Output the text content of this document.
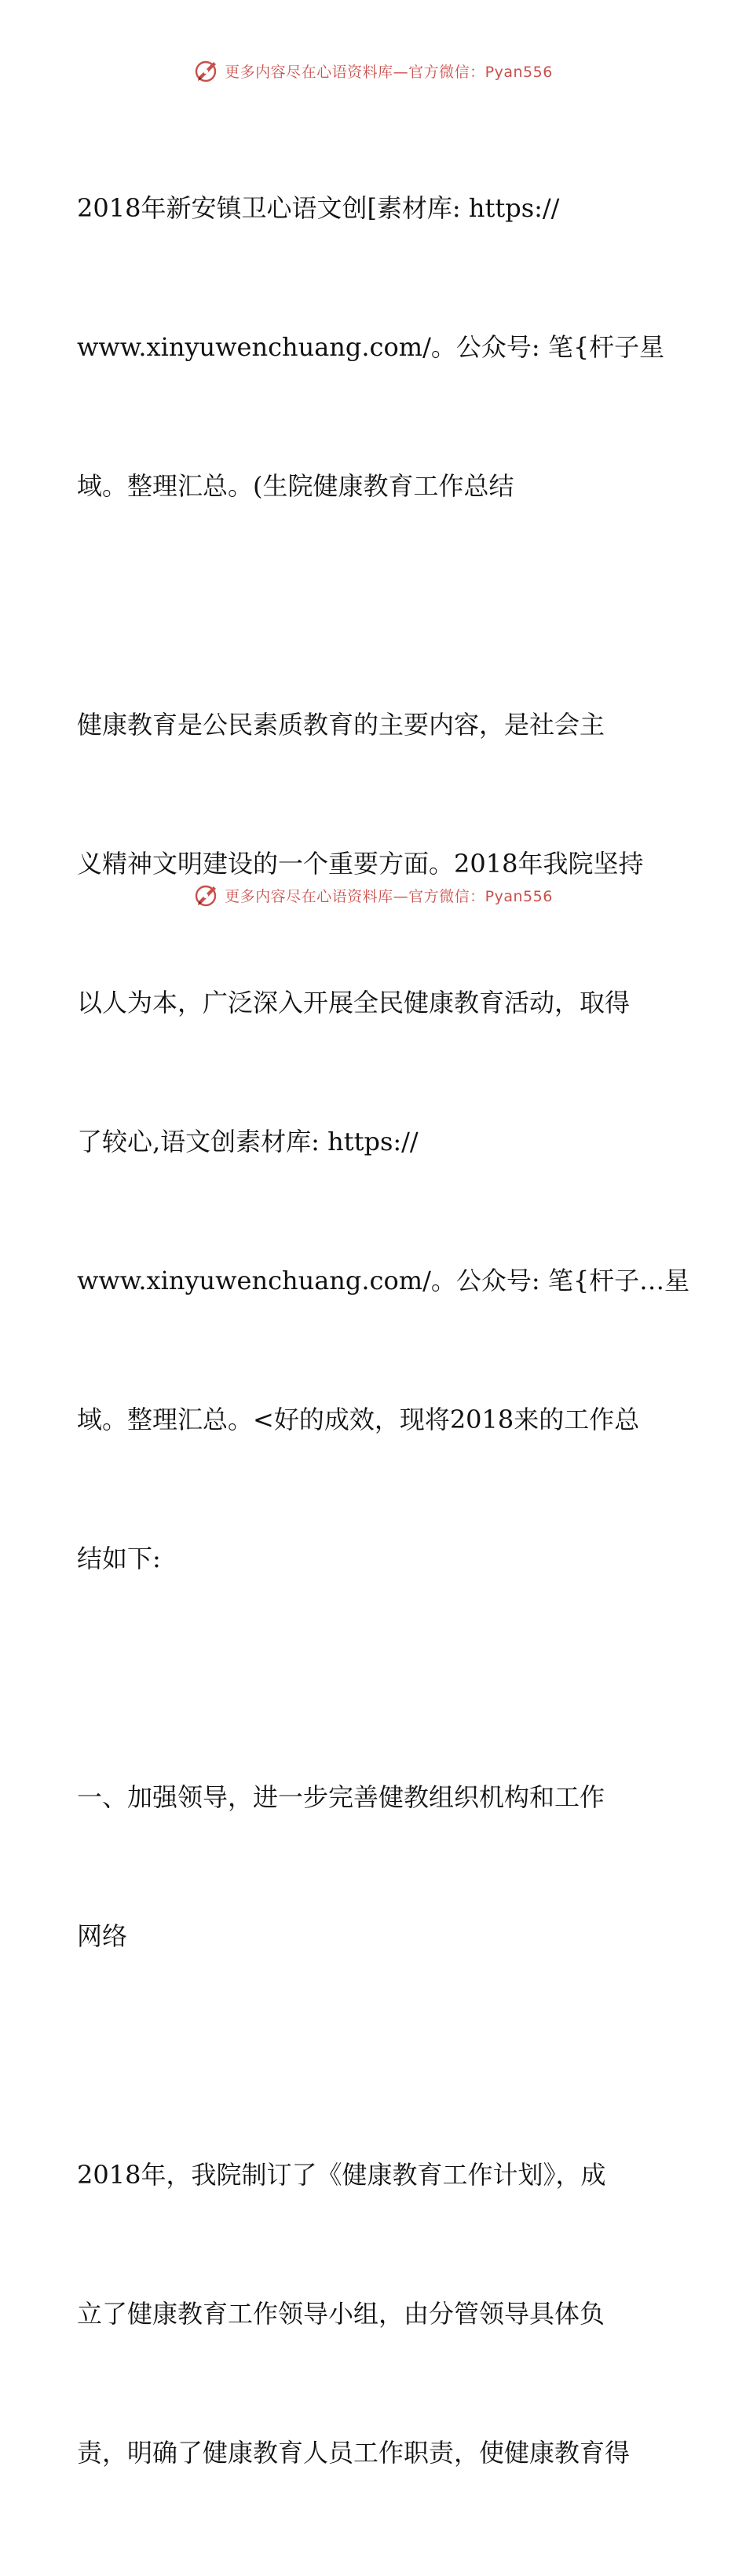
更多内容尽在心语资料库—官方微信：Pyan556

2018年新安镇卫心语文创[素材库: https://

www.xinyuwenchuang.com/。公众号: 笔{杆子星

域。整理汇总。(生院健康教育工作总结

健康教育是公民素质教育的主要内容，是社会主

义精神文明建设的一个重要方面。2018年我院坚持

以人为本，广泛深入开展全民健康教育活动，取得

了较心,语文创素材库: https://

www.xinyuwenchuang.com/。公众号: 笔{杆子…星

域。整理汇总。<好的成效，现将2018来的工作总

结如下:

一、加强领导，进一步完善健教组织机构和工作

网络

2018年，我院制订了《健康教育工作计划》，成

立了健康教育工作领导小组，由分管领导具体负

责，明确了健康教育人员工作职责，使健康教育得

更多内容尽在心语资料库—官方微信：Pyan556
